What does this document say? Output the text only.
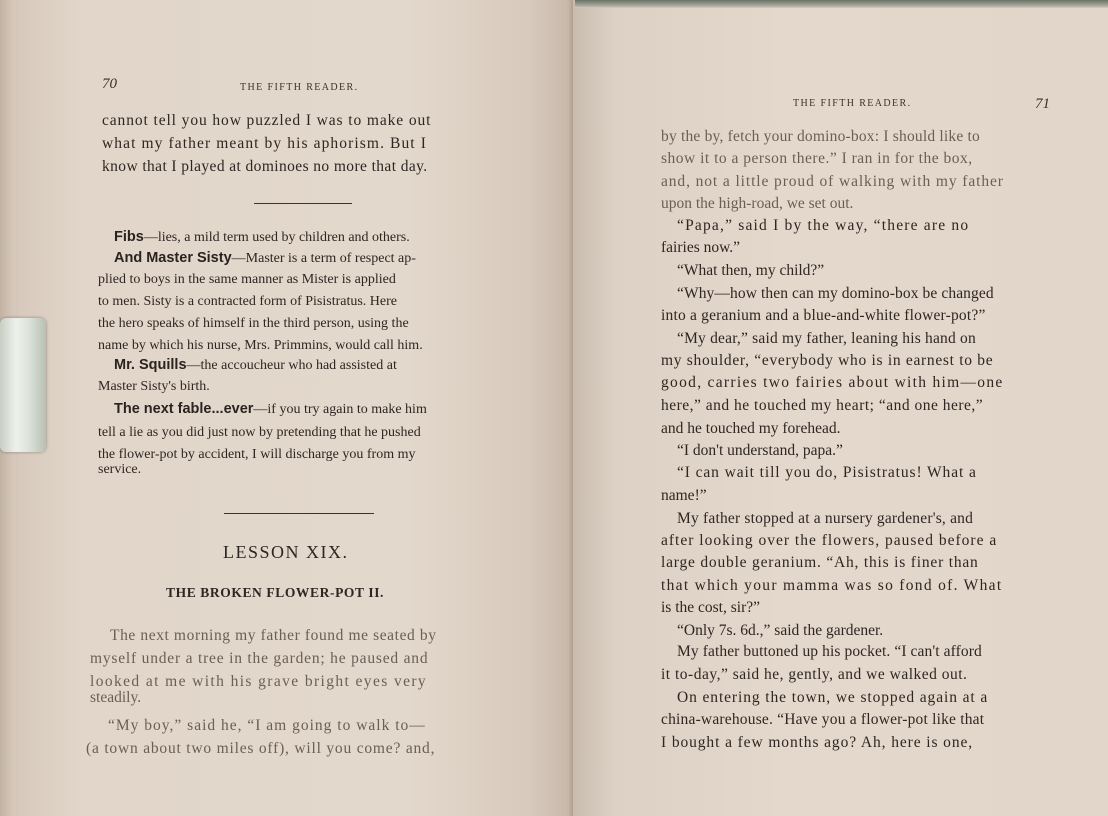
70	THE FIFTH READER.
cannot tell you how puzzled I was to make out
what my father meant by his aphorism. But I
know that I played at dominoes no more that day.
Fibs—lies, a mild term used by children and others.
And Master Sisty—Master is a term of respect ap-
plied to boys in the same manner as Mister is applied
to men. Sisty is a contracted form of Pisistratus. Here
the hero speaks of himself in the third person, using the
name by which his nurse, Mrs. Primmins, would call him.
Mr. Squills—the accoucheur who had assisted at
Master Sisty's birth.
The next fable...ever—if you try again to make him
tell a lie as you did just now by pretending that he pushed
the flower-pot by accident, I will discharge you from my
service.
LESSON XIX.
THE BROKEN FLOWER-POT II.
The next morning my father found me seated by
myself under a tree in the garden; he paused and
looked at me with his grave bright eyes very
steadily.
“My boy,” said he, “I am going to walk to—
(a town about two miles off), will you come? and,
THE FIFTH READER.	71
by the by, fetch your domino-box: I should like to
show it to a person there.” I ran in for the box,
and, not a little proud of walking with my father
upon the high-road, we set out.
“Papa,” said I by the way, “there are no
fairies now.”
“What then, my child?”
“Why—how then can my domino-box be changed
into a geranium and a blue-and-white flower-pot?”
“My dear,” said my father, leaning his hand on
my shoulder, “everybody who is in earnest to be
good, carries two fairies about with him—one
here,” and he touched my heart; “and one here,”
and he touched my forehead.
“I don't understand, papa.”
“I can wait till you do, Pisistratus! What a
name!”
My father stopped at a nursery gardener's, and
after looking over the flowers, paused before a
large double geranium. “Ah, this is finer than
that which your mamma was so fond of. What
is the cost, sir?”
“Only 7s. 6d.,” said the gardener.
My father buttoned up his pocket. “I can't afford
it to-day,” said he, gently, and we walked out.
On entering the town, we stopped again at a
china-warehouse. “Have you a flower-pot like that
I bought a few months ago? Ah, here is one,
